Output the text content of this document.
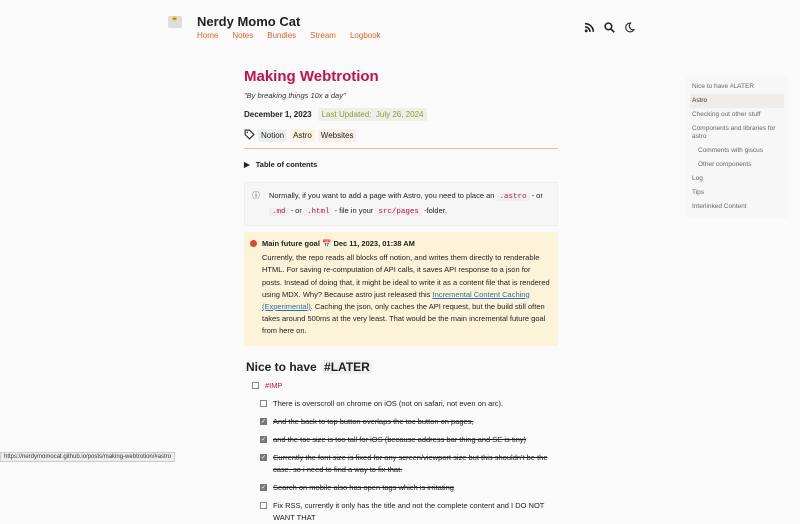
🐱 Nerdy Momo Cat
Home Notes Bundles Stream Logbook
Making Webtrotion
"By breaking things 10x a day"
December 1, 2023	Last Updated: July 26, 2024
Notion	Astro	Websites
▶ Table of contents
ⓘ Normally, if you want to add a page with Astro, you need to place an .astro - or .md - or .html - file in your src/pages -folder.
Main future goal 📅 Dec 11, 2023, 01:38 AM
Currently, the repo reads all blocks off notion, and writes them directly to renderable HTML. For saving re-computation of API calls, it saves API response to a json for posts. Instead of doing that, it might be ideal to write it as a content file that is rendered using MDX. Why? Because astro just released this Incremental Content Caching (Experimental). Caching the json, only caches the API request, but the build still often takes around 500ms at the very least. That would be the main incremental future goal from here on.
Nice to have #LATER
#IMP
There is overscroll on chrome on iOS (not on safari, not even on arc).
✓ And the back to top button overlaps the toc button on pages,
✓ and the toc size is too tall for iOS (because address bar thing and SE is tiny)
✓ Currently the font size is fixed for any screen/viewport size but this shouldn't be the case. so i need to find a way to fix that.
✓ Search on mobile also has open tags which is irritating
Fix RSS, currently it only has the title and not the complete content and I DO NOT WANT THAT
Nice to have #LATER
Astro
Checking out other stuff
Components and libraries for astro
Comments with giscus
Other components
Log
Tips
Interlinked Content
https://nerdymomocat.github.io/posts/making-webtrotion/#astro
